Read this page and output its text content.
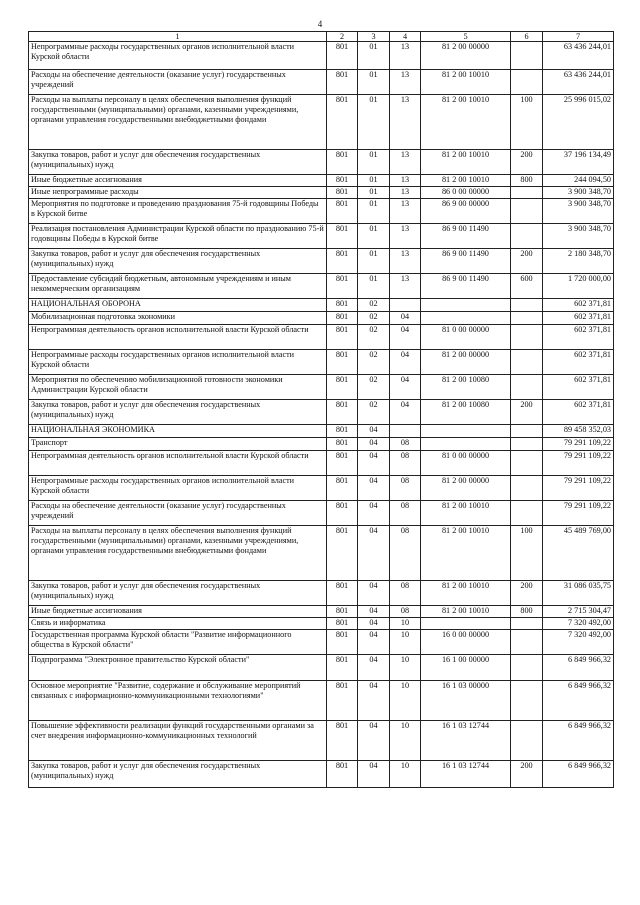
4
1	2	3	4	5	6	7
Непрограммные расходы государственных органов исполнительной власти Курской области	801	01	13	81 2 00 00000		63 436 244,01
Расходы на обеспечение деятельности (оказание услуг) государственных учреждений	801	01	13	81 2 00 10010		63 436 244,01
Расходы на выплаты персоналу в целях обеспечения выполнения функций государственными (муниципальными) органами, казенными учреждениями, органами управления государственными внебюджетными фондами	801	01	13	81 2 00 10010	100	25 996 015,02
Закупка товаров, работ и услуг для обеспечения государственных (муниципальных) нужд	801	01	13	81 2 00 10010	200	37 196 134,49
Иные бюджетные ассигнования	801	01	13	81 2 00 10010	800	244 094,50
Иные непрограммные расходы	801	01	13	86 0 00 00000		3 900 348,70
Мероприятия по подготовке и проведению празднования 75-й годовщины Победы в Курской битве	801	01	13	86 9 00 00000		3 900 348,70
Реализация постановления Администрации Курской области по празднованию 75-й годовщины Победы в Курской битве	801	01	13	86 9 00 11490		3 900 348,70
Закупка товаров, работ и услуг для обеспечения государственных (муниципальных) нужд	801	01	13	86 9 00 11490	200	2 180 348,70
Предоставление субсидий бюджетным, автономным учреждениям и иным некоммерческим организациям	801	01	13	86 9 00 11490	600	1 720 000,00
НАЦИОНАЛЬНАЯ ОБОРОНА	801	02				602 371,81
Мобилизационная подготовка экономики	801	02	04			602 371,81
Непрограммная деятельность органов исполнительной власти Курской области	801	02	04	81 0 00 00000		602 371,81
Непрограммные расходы государственных органов исполнительной власти Курской области	801	02	04	81 2 00 00000		602 371,81
Мероприятия по обеспечению мобилизационной готовности экономики Администрации Курской области	801	02	04	81 2 00 10080		602 371,81
Закупка товаров, работ и услуг для обеспечения государственных (муниципальных) нужд	801	02	04	81 2 00 10080	200	602 371,81
НАЦИОНАЛЬНАЯ ЭКОНОМИКА	801	04				89 458 352,03
Транспорт	801	04	08			79 291 109,22
Непрограммная деятельность органов исполнительной власти Курской области	801	04	08	81 0 00 00000		79 291 109,22
Непрограммные расходы государственных органов исполнительной власти Курской области	801	04	08	81 2 00 00000		79 291 109,22
Расходы на обеспечение деятельности (оказание услуг) государственных учреждений	801	04	08	81 2 00 10010		79 291 109,22
Расходы на выплаты персоналу в целях обеспечения выполнения функций государственными (муниципальными) органами, казенными учреждениями, органами управления государственными внебюджетными фондами	801	04	08	81 2 00 10010	100	45 489 769,00
Закупка товаров, работ и услуг для обеспечения государственных (муниципальных) нужд	801	04	08	81 2 00 10010	200	31 086 035,75
Иные бюджетные ассигнования	801	04	08	81 2 00 10010	800	2 715 304,47
Связь и информатика	801	04	10			7 320 492,00
Государственная программа Курской области "Развитие информационного общества в Курской области"	801	04	10	16 0 00 00000		7 320 492,00
Подпрограмма "Электронное правительство Курской области"	801	04	10	16 1 00 00000		6 849 966,32
Основное мероприятие "Развитие, содержание и обслуживание мероприятий связанных с информационно-коммуникационными технологиями"	801	04	10	16 1 03 00000		6 849 966,32
Повышение эффективности реализации функций государственными органами за счет внедрения информационно-коммуникационных технологий	801	04	10	16 1 03 12744		6 849 966,32
Закупка товаров, работ и услуг для обеспечения государственных (муниципальных) нужд	801	04	10	16 1 03 12744	200	6 849 966,32
